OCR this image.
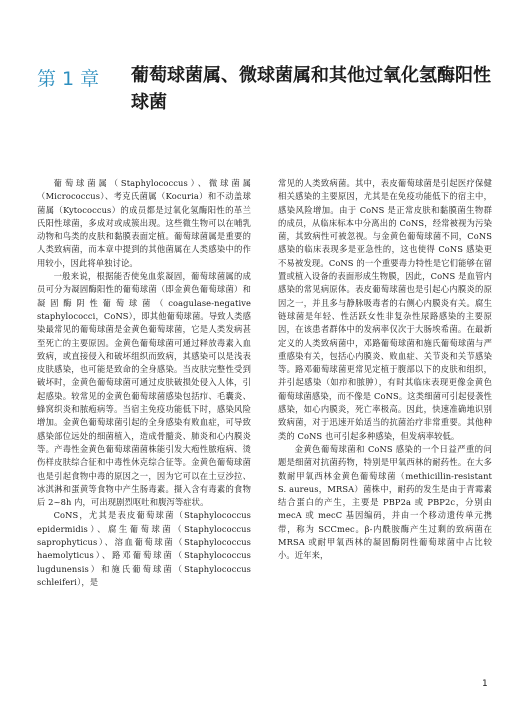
第 1 章 葡萄球菌属、微球菌属和其他过氧化氢酶阳性球菌

葡萄球菌属（Staphylococcus）、微球菌属（Micrococcus）、考克氏菌属（Kocuria）和不动盖球菌属（Kytococcus）的成员都是过氧化氢酶阳性的革兰氏阳性球菌，多成对或成簇出现。这些微生物可以在哺乳动物和鸟类的皮肤和黏膜表面定植。葡萄球菌属是重要的人类致病菌，而本章中提到的其他菌属在人类感染中的作用较小，因此将单独讨论。

一般来说，根据能否使兔血浆凝固，葡萄球菌属的成员可分为凝固酶阳性的葡萄球菌（即金黄色葡萄球菌）和凝固酶阴性葡萄球菌（coagulase-negative staphylococci，CoNS），即其他葡萄球菌。导致人类感染最常见的葡萄球菌是金黄色葡萄球菌，它是人类发病甚至死亡的主要原因。金黄色葡萄球菌可通过释放毒素入血致病，或直接侵入和破坏组织而致病，其感染可以是浅表皮肤感染，也可能是致命的全身感染。当皮肤完整性受到破坏时，金黄色葡萄球菌可通过皮肤破损处侵入人体，引起感染。较常见的金黄色葡萄球菌感染包括疖、毛囊炎、蜂窝织炎和脓疱病等。当宿主免疫功能低下时，感染风险增加。金黄色葡萄球菌引起的全身感染有败血症，可导致感染部位远处的细菌植入，造成骨髓炎、肺炎和心内膜炎等。产毒性金黄色葡萄球菌菌株能引发大疱性脓疱病、烫伤样皮肤综合征和中毒性休克综合征等。金黄色葡萄球菌也是引起食物中毒的原因之一，因为它可以在土豆沙拉、冰淇淋和蛋黄等食物中产生肠毒素。摄入含有毒素的食物后 2~8h 内，可出现剧烈呕吐和腹泻等症状。

CoNS，尤其是表皮葡萄球菌（Staphylococcus epidermidis）、腐生葡萄球菌（Staphylococcus saprophyticus）、溶血葡萄球菌（Staphylococcus haemolyticus）、路邓葡萄球菌（Staphylococcus lugdunensis）和施氏葡萄球菌（Staphylococcus schleiferi），是

常见的人类致病菌。其中，表皮葡萄球菌是引起医疗保健相关感染的主要原因，尤其是在免疫功能低下的宿主中，感染风险增加。由于 CoNS 是正常皮肤和黏膜菌生物群的成员，从临床标本中分离出的 CoNS，经常被视为污染菌，其致病性可被忽视。与金黄色葡萄球菌不同，CoNS 感染的临床表现多是亚急性的，这也使得 CoNS 感染更不易被发现。CoNS 的一个重要毒力特性是它们能够在留置或植入设备的表面形成生物膜，因此，CoNS 是血管内感染的常见病原体。表皮葡萄球菌也是引起心内膜炎的原因之一，并且多与静脉吸毒者的右侧心内膜炎有关。腐生链球菌是年轻、性活跃女性非复杂性尿路感染的主要原因，在该患者群体中的发病率仅次于大肠埃希菌。在最新定义的人类致病菌中，邓路葡萄球菌和施氏葡萄球菌与严重感染有关，包括心内膜炎、败血症、关节炎和关节感染等。路邓葡萄球菌更常见定植于腹部以下的皮肤和组织，并引起感染（如疖和脓肿），有时其临床表现更像金黄色葡萄球菌感染，而不像是 CoNS。这类细菌可引起侵袭性感染，如心内膜炎，死亡率极高。因此，快速准确地识别致病菌，对于迅速开始适当的抗菌治疗非常重要。其他种类的 CoNS 也可引起多种感染，但发病率较低。

金黄色葡萄球菌和 CoNS 感染的一个日益严重的问题是细菌对抗菌药物，特别是甲氧西林的耐药性。在大多数耐甲氧西林金黄色葡萄球菌（methicillin-resistant S. aureus，MRSA）菌株中，耐药的发生是由于青霉素结合蛋白的产生，主要是 PBP2a 或 PBP2c，分别由 mecA 或 mecC 基因编码，并由一个移动遗传单元携带，称为 SCCmec。β-内酰胺酶产生过剩的致病菌在 MRSA 或耐甲氧西林的凝固酶阴性葡萄球菌中占比较小。近年来，

1
